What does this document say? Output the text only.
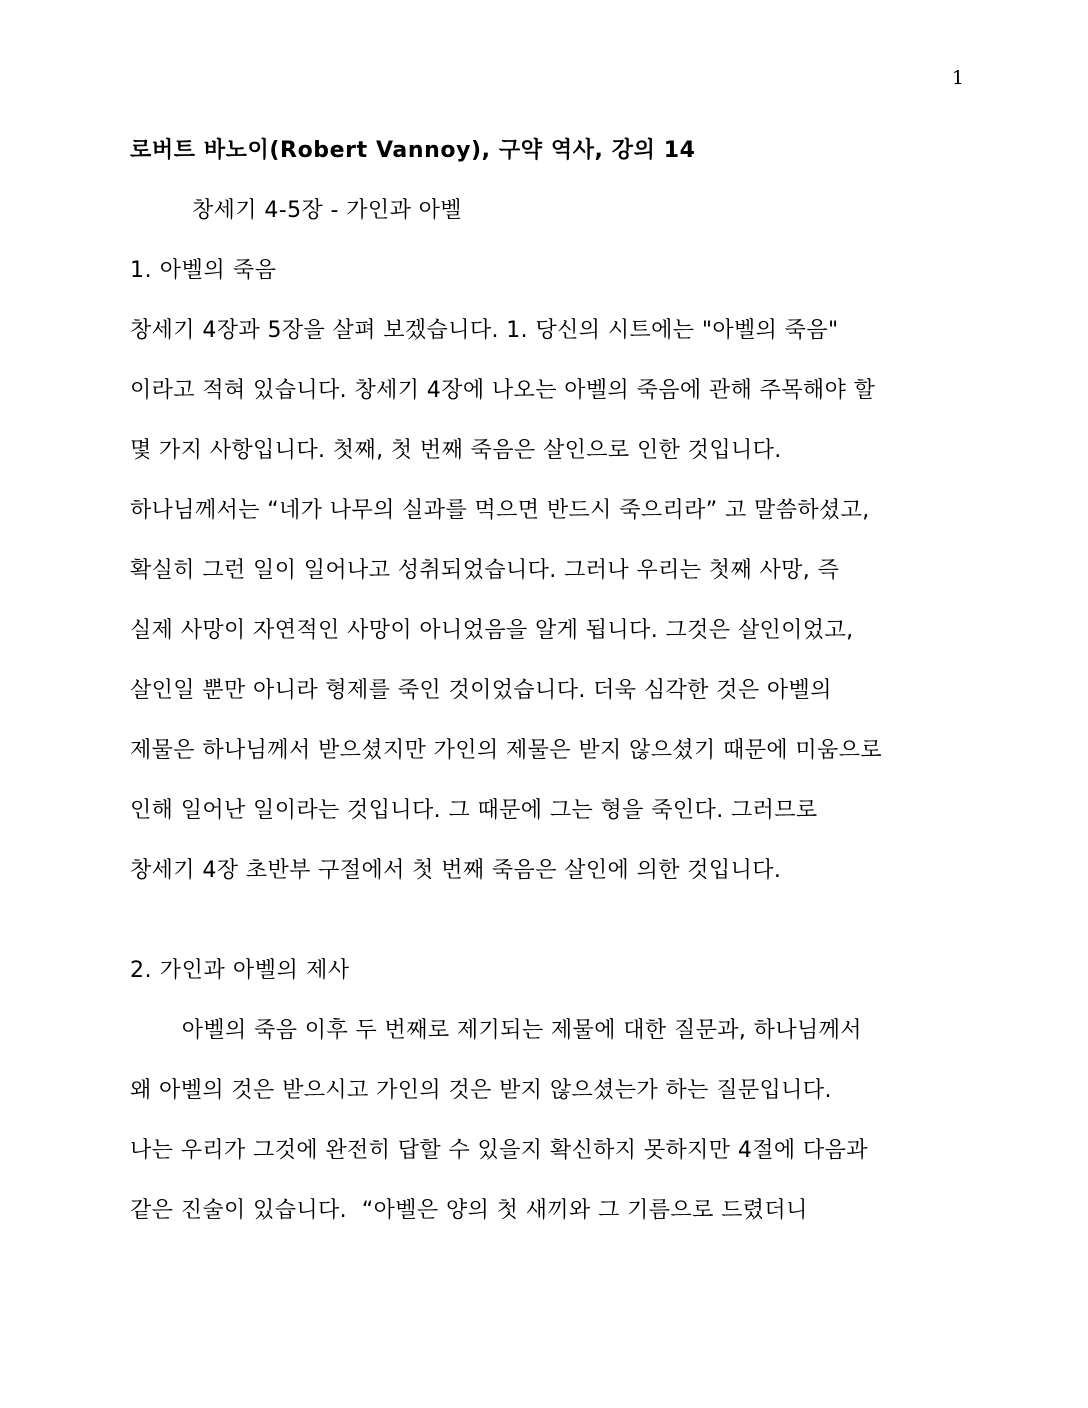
1
로버트 바노이(Robert Vannoy), 구약 역사, 강의 14
창세기 4-5장 - 가인과 아벨
1. 아벨의 죽음
창세기 4장과 5장을 살펴 보겠습니다. 1. 당신의 시트에는 "아벨의 죽음"
이라고 적혀 있습니다. 창세기 4장에 나오는 아벨의 죽음에 관해 주목해야 할
몇 가지 사항입니다. 첫째, 첫 번째 죽음은 살인으로 인한 것입니다.
하나님께서는 “네가 나무의 실과를 먹으면 반드시 죽으리라” 고 말씀하셨고,
확실히 그런 일이 일어나고 성취되었습니다. 그러나 우리는 첫째 사망, 즉
실제 사망이 자연적인 사망이 아니었음을 알게 됩니다. 그것은 살인이었고,
살인일 뿐만 아니라 형제를 죽인 것이었습니다. 더욱 심각한 것은 아벨의
제물은 하나님께서 받으셨지만 가인의 제물은 받지 않으셨기 때문에 미움으로
인해 일어난 일이라는 것입니다. 그 때문에 그는 형을 죽인다. 그러므로
창세기 4장 초반부 구절에서 첫 번째 죽음은 살인에 의한 것입니다.
2. 가인과 아벨의 제사
아벨의 죽음 이후 두 번째로 제기되는 제물에 대한 질문과, 하나님께서
왜 아벨의 것은 받으시고 가인의 것은 받지 않으셨는가 하는 질문입니다.
나는 우리가 그것에 완전히 답할 수 있을지 확신하지 못하지만 4절에 다음과
같은 진술이 있습니다.  “아벨은 양의 첫 새끼와 그 기름으로 드렸더니
